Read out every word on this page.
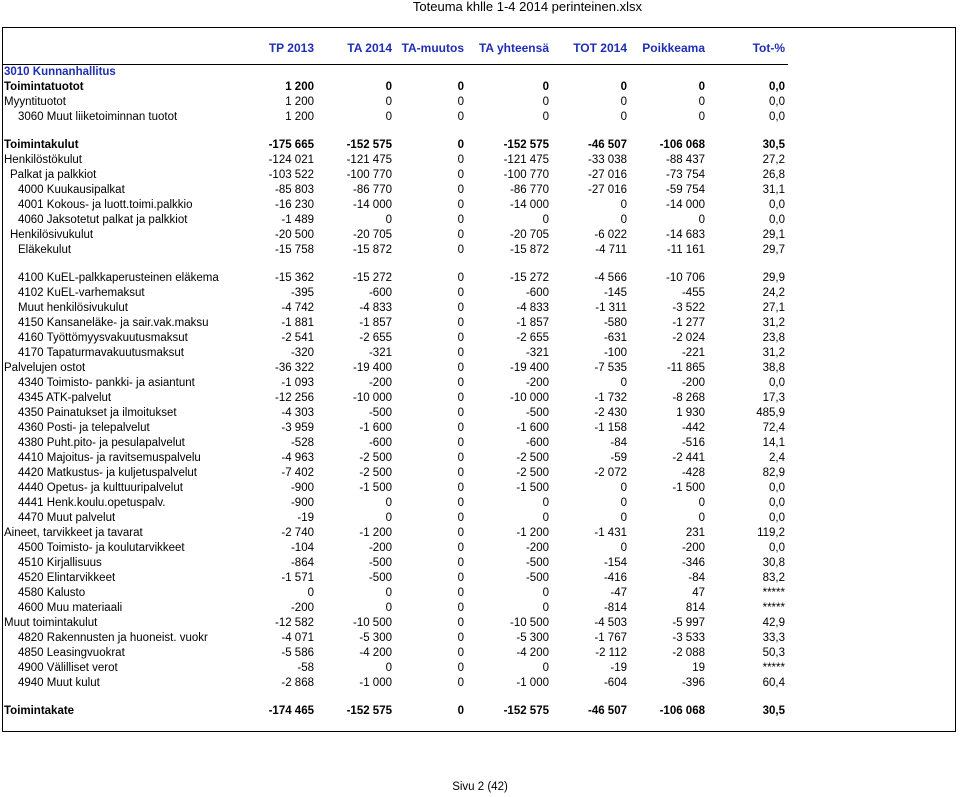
Toteuma khlle 1-4 2014 perinteinen.xlsx
	TP 2013	TA 2014	TA-muutos	TA yhteensä	TOT 2014	Poikkeama	Tot-%

3010 Kunnanhallitus							
Toimintatuotot	1 200	0	0	0	0	0	0,0
Myyntituotot	1 200	0	0	0	0	0	0,0
3060 Muut liiketoiminnan tuotot	1 200	0	0	0	0	0	0,0

Toimintakulut	-175 665	-152 575	0	-152 575	-46 507	-106 068	30,5
Henkilöstökulut	-124 021	-121 475	0	-121 475	-33 038	-88 437	27,2
Palkat ja palkkiot	-103 522	-100 770	0	-100 770	-27 016	-73 754	26,8
4000 Kuukausipalkat	-85 803	-86 770	0	-86 770	-27 016	-59 754	31,1
4001 Kokous- ja luott.toimi.palkkio	-16 230	-14 000	0	-14 000	0	-14 000	0,0
4060 Jaksotetut palkat ja palkkiot	-1 489	0	0	0	0	0	0,0
Henkilösivukulut	-20 500	-20 705	0	-20 705	-6 022	-14 683	29,1
Eläkekulut	-15 758	-15 872	0	-15 872	-4 711	-11 161	29,7

4100 KuEL-palkkaperusteinen eläkema	-15 362	-15 272	0	-15 272	-4 566	-10 706	29,9
4102 KuEL-varhemaksut	-395	-600	0	-600	-145	-455	24,2
Muut henkilösivukulut	-4 742	-4 833	0	-4 833	-1 311	-3 522	27,1
4150 Kansaneläke- ja sair.vak.maksu	-1 881	-1 857	0	-1 857	-580	-1 277	31,2
4160 Työttömyysvakuutusmaksut	-2 541	-2 655	0	-2 655	-631	-2 024	23,8
4170 Tapaturmavakuutusmaksut	-320	-321	0	-321	-100	-221	31,2
Palvelujen ostot	-36 322	-19 400	0	-19 400	-7 535	-11 865	38,8
4340 Toimisto- pankki- ja asiantunt	-1 093	-200	0	-200	0	-200	0,0
4345 ATK-palvelut	-12 256	-10 000	0	-10 000	-1 732	-8 268	17,3
4350 Painatukset ja ilmoitukset	-4 303	-500	0	-500	-2 430	1 930	485,9
4360 Posti- ja telepalvelut	-3 959	-1 600	0	-1 600	-1 158	-442	72,4
4380 Puht.pito- ja pesulapalvelut	-528	-600	0	-600	-84	-516	14,1
4410 Majoitus- ja ravitsemuspalvelu	-4 963	-2 500	0	-2 500	-59	-2 441	2,4
4420 Matkustus- ja kuljetuspalvelut	-7 402	-2 500	0	-2 500	-2 072	-428	82,9
4440 Opetus- ja kulttuuripalvelut	-900	-1 500	0	-1 500	0	-1 500	0,0
4441 Henk.koulu.opetuspalv.	-900	0	0	0	0	0	0,0
4470 Muut palvelut	-19	0	0	0	0	0	0,0
Aineet, tarvikkeet ja tavarat	-2 740	-1 200	0	-1 200	-1 431	231	119,2
4500 Toimisto- ja koulutarvikkeet	-104	-200	0	-200	0	-200	0,0
4510 Kirjallisuus	-864	-500	0	-500	-154	-346	30,8
4520 Elintarvikkeet	-1 571	-500	0	-500	-416	-84	83,2
4580 Kalusto	0	0	0	0	-47	47	*****
4600 Muu materiaali	-200	0	0	0	-814	814	*****
Muut toimintakulut	-12 582	-10 500	0	-10 500	-4 503	-5 997	42,9
4820 Rakennusten ja huoneist. vuokr	-4 071	-5 300	0	-5 300	-1 767	-3 533	33,3
4850 Leasingvuokrat	-5 586	-4 200	0	-4 200	-2 112	-2 088	50,3
4900 Välilliset verot	-58	0	0	0	-19	19	*****
4940 Muut kulut	-2 868	-1 000	0	-1 000	-604	-396	60,4

Toimintakate	-174 465	-152 575	0	-152 575	-46 507	-106 068	30,5
Sivu 2 (42)
